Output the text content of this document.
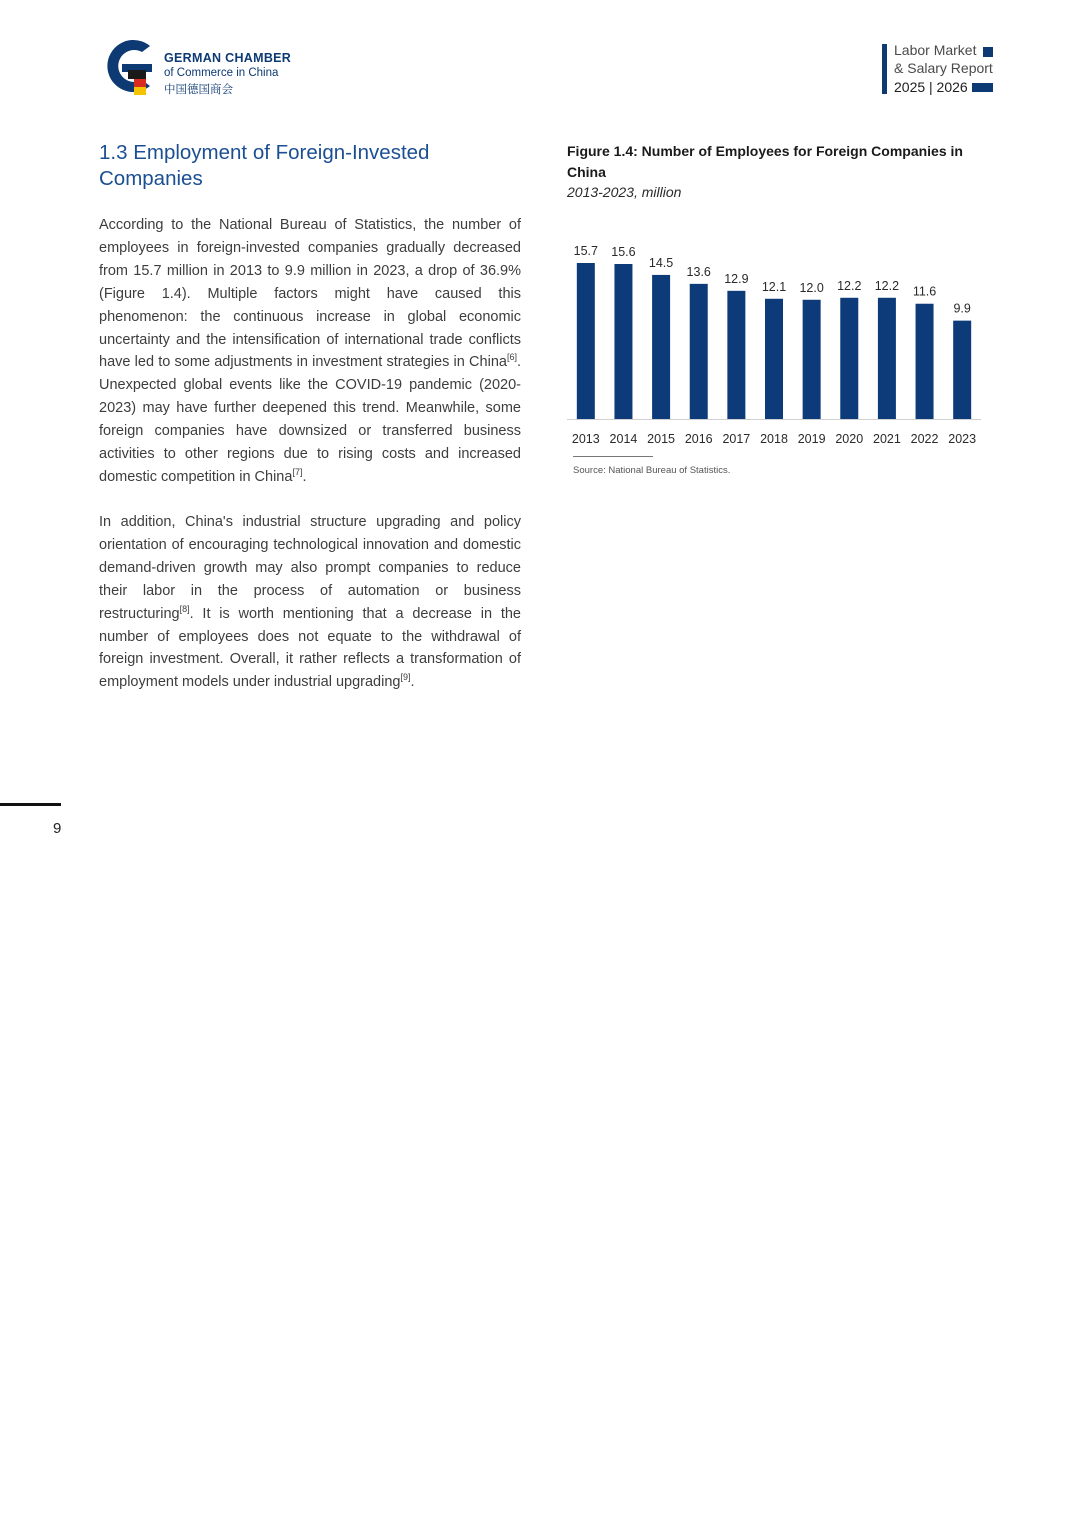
GERMAN CHAMBER
of Commerce in China
中国德国商会
Labor Market
& Salary Report
2025 | 2026
1.3 Employment of Foreign-Invested Companies
According to the National Bureau of Statistics, the number of employees in foreign-invested companies gradually decreased from 15.7 million in 2013 to 9.9 million in 2023, a drop of 36.9% (Figure 1.4). Multiple factors might have caused this phenomenon: the continuous increase in global economic uncertainty and the intensification of international trade conflicts have led to some adjustments in investment strategies in China[6]. Unexpected global events like the COVID-19 pandemic (2020-2023) may have further deepened this trend. Meanwhile, some foreign companies have downsized or transferred business activities to other regions due to rising costs and increased domestic competition in China[7].
In addition, China's industrial structure upgrading and policy orientation of encouraging technological innovation and domestic demand-driven growth may also prompt companies to reduce their labor in the process of automation or business restructuring[8]. It is worth mentioning that a decrease in the number of employees does not equate to the withdrawal of foreign investment. Overall, it rather reflects a transformation of employment models under industrial upgrading[9].
Figure 1.4: Number of Employees for Foreign Companies in China
2013-2023, million
15.7 15.6
14.5
13.6 12.9
12.1 12.0 12.2 12.2 11.6
9.9
2013 2014 2015 2016 2017 2018 2019 2020 2021 2022 2023
Source: National Bureau of Statistics.
9
